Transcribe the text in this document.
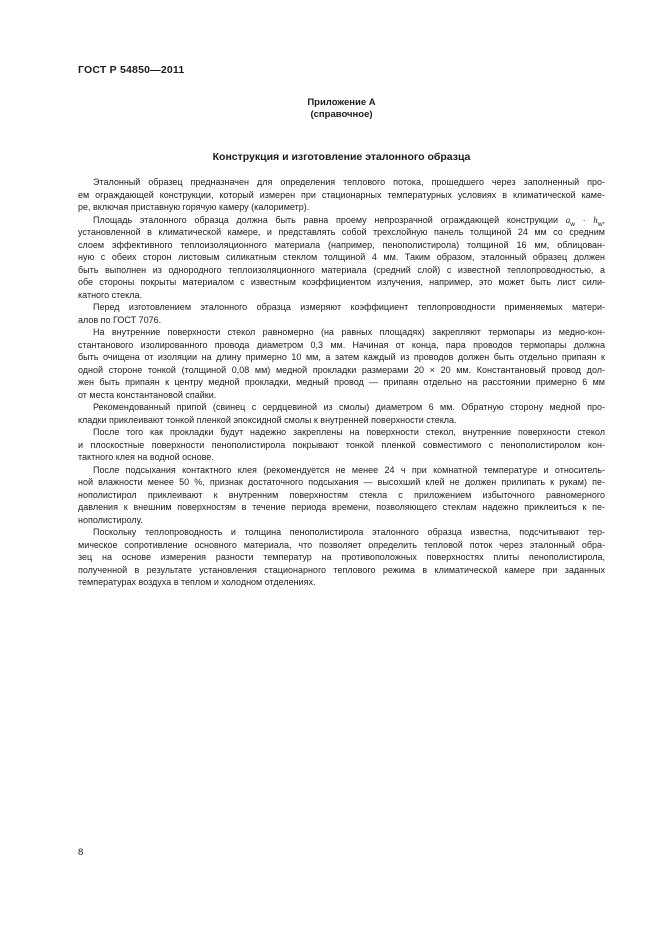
ГОСТ Р 54850—2011
Приложение А
(справочное)
Конструкция и изготовление эталонного образца
Эталонный образец предназначен для определения теплового потока, прошедшего через заполненный про-
ем ограждающей конструкции, который измерен при стационарных температурных условиях в климатической каме-
ре, включая приставную горячую камеру (калориметр).
Площадь эталонного образца должна быть равна проему непрозрачной ограждающей конструкции $a_w \cdot h_w$,
установленной в климатической камере, и представлять собой трехслойную панель толщиной 24 мм со средним
слоем эффективного теплоизоляционного материала (например, пенополистирола) толщиной 16 мм, облицован-
ную с обеих сторон листовым силикатным стеклом толщиной 4 мм. Таким образом, эталонный образец должен
быть выполнен из однородного теплоизоляционного материала (средний слой) с известной теплопроводностью, а
обе стороны покрыты материалом с известным коэффициентом излучения, например, это может быть лист сили-
катного стекла.
Перед изготовлением эталонного образца измеряют коэффициент теплопроводности применяемых матери-
алов по ГОСТ 7076.
На внутренние поверхности стекол равномерно (на равных площадях) закрепляют термопары из медно-кон-
стантанового изолированного провода диаметром 0,3 мм. Начиная от конца, пара проводов термопары должна
быть очищена от изоляции на длину примерно 10 мм, а затем каждый из проводов должен быть отдельно припаян к
одной стороне тонкой (толщиной 0,08 мм) медной прокладки размерами 20 × 20 мм. Константановый провод дол-
жен быть припаян к центру медной прокладки, медный провод — припаян отдельно на расстоянии примерно 6 мм
от места константановой спайки.
Рекомендованный припой (свинец с сердцевиной из смолы) диаметром 6 мм. Обратную сторону медной про-
кладки приклеивают тонкой пленкой эпоксидной смолы к внутренней поверхности стекла.
После того как прокладки будут надежно закреплены на поверхности стекол, внутренние поверхности стекол
и плоскостные поверхности пенополистирола покрывают тонкой пленкой совместимого с пенополистиролом кон-
тактного клея на водной основе.
После подсыхания контактного клея (рекомендуется не менее 24 ч при комнатной температуре и относитель-
ной влажности менее 50 %, признак достаточного подсыхания — высохший клей не должен прилипать к рукам) пе-
нополистирол приклеивают к внутренним поверхностям стекла с приложением избыточного равномерного
давления к внешним поверхностям в течение периода времени, позволяющего стеклам надежно приклеиться к пе-
нополистиролу.
Поскольку теплопроводность и толщина пенополистирола эталонного образца известна, подсчитывают тер-
мическое сопротивление основного материала, что позволяет определить тепловой поток через эталонный обра-
зец на основе измерения разности температур на противоположных поверхностях плиты пенополистирола,
полученной в результате установления стационарного теплового режима в климатической камере при заданных
температурах воздуха в теплом и холодном отделениях.
8
